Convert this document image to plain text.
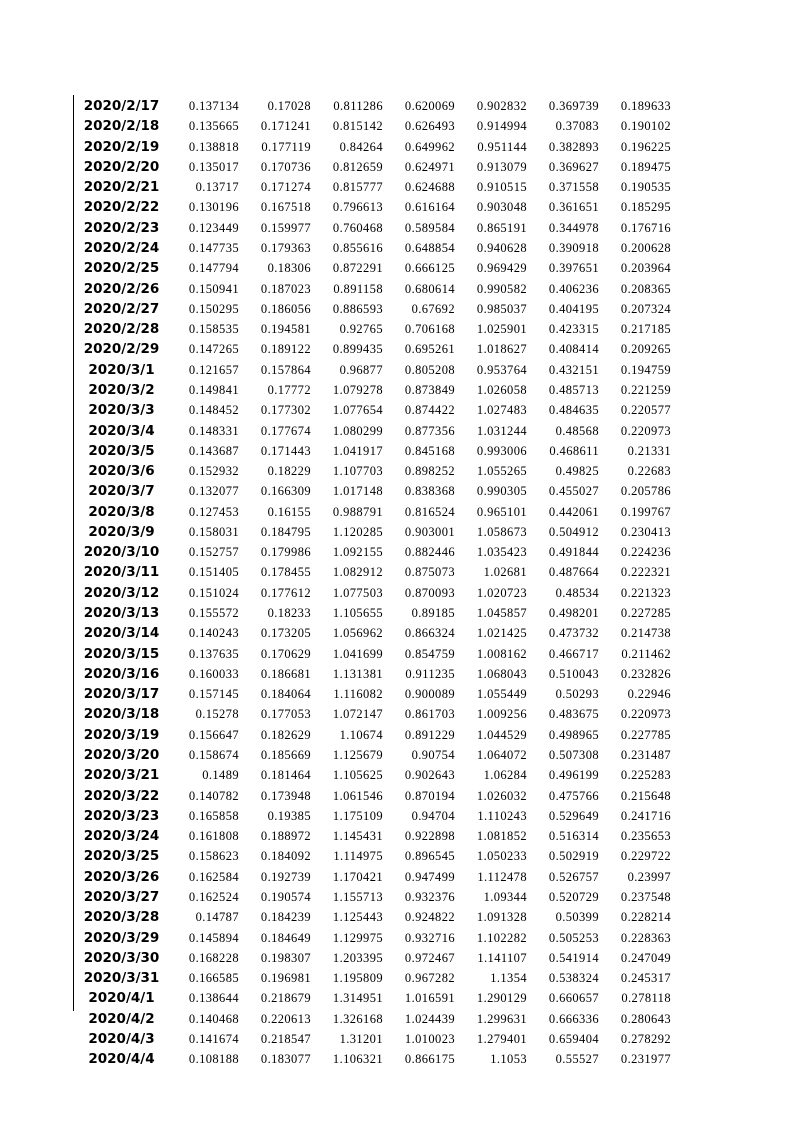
2020/2/17	0.137134	0.17028	0.811286	0.620069	0.902832	0.369739	0.189633
2020/2/18	0.135665	0.171241	0.815142	0.626493	0.914994	0.37083	0.190102
2020/2/19	0.138818	0.177119	0.84264	0.649962	0.951144	0.382893	0.196225
2020/2/20	0.135017	0.170736	0.812659	0.624971	0.913079	0.369627	0.189475
2020/2/21	0.13717	0.171274	0.815777	0.624688	0.910515	0.371558	0.190535
2020/2/22	0.130196	0.167518	0.796613	0.616164	0.903048	0.361651	0.185295
2020/2/23	0.123449	0.159977	0.760468	0.589584	0.865191	0.344978	0.176716
2020/2/24	0.147735	0.179363	0.855616	0.648854	0.940628	0.390918	0.200628
2020/2/25	0.147794	0.18306	0.872291	0.666125	0.969429	0.397651	0.203964
2020/2/26	0.150941	0.187023	0.891158	0.680614	0.990582	0.406236	0.208365
2020/2/27	0.150295	0.186056	0.886593	0.67692	0.985037	0.404195	0.207324
2020/2/28	0.158535	0.194581	0.92765	0.706168	1.025901	0.423315	0.217185
2020/2/29	0.147265	0.189122	0.899435	0.695261	1.018627	0.408414	0.209265
2020/3/1	0.121657	0.157864	0.96877	0.805208	0.953764	0.432151	0.194759
2020/3/2	0.149841	0.17772	1.079278	0.873849	1.026058	0.485713	0.221259
2020/3/3	0.148452	0.177302	1.077654	0.874422	1.027483	0.484635	0.220577
2020/3/4	0.148331	0.177674	1.080299	0.877356	1.031244	0.48568	0.220973
2020/3/5	0.143687	0.171443	1.041917	0.845168	0.993006	0.468611	0.21331
2020/3/6	0.152932	0.18229	1.107703	0.898252	1.055265	0.49825	0.22683
2020/3/7	0.132077	0.166309	1.017148	0.838368	0.990305	0.455027	0.205786
2020/3/8	0.127453	0.16155	0.988791	0.816524	0.965101	0.442061	0.199767
2020/3/9	0.158031	0.184795	1.120285	0.903001	1.058673	0.504912	0.230413
2020/3/10	0.152757	0.179986	1.092155	0.882446	1.035423	0.491844	0.224236
2020/3/11	0.151405	0.178455	1.082912	0.875073	1.02681	0.487664	0.222321
2020/3/12	0.151024	0.177612	1.077503	0.870093	1.020723	0.48534	0.221323
2020/3/13	0.155572	0.18233	1.105655	0.89185	1.045857	0.498201	0.227285
2020/3/14	0.140243	0.173205	1.056962	0.866324	1.021425	0.473732	0.214738
2020/3/15	0.137635	0.170629	1.041699	0.854759	1.008162	0.466717	0.211462
2020/3/16	0.160033	0.186681	1.131381	0.911235	1.068043	0.510043	0.232826
2020/3/17	0.157145	0.184064	1.116082	0.900089	1.055449	0.50293	0.22946
2020/3/18	0.15278	0.177053	1.072147	0.861703	1.009256	0.483675	0.220973
2020/3/19	0.156647	0.182629	1.10674	0.891229	1.044529	0.498965	0.227785
2020/3/20	0.158674	0.185669	1.125679	0.90754	1.064072	0.507308	0.231487
2020/3/21	0.1489	0.181464	1.105625	0.902643	1.06284	0.496199	0.225283
2020/3/22	0.140782	0.173948	1.061546	0.870194	1.026032	0.475766	0.215648
2020/3/23	0.165858	0.19385	1.175109	0.94704	1.110243	0.529649	0.241716
2020/3/24	0.161808	0.188972	1.145431	0.922898	1.081852	0.516314	0.235653
2020/3/25	0.158623	0.184092	1.114975	0.896545	1.050233	0.502919	0.229722
2020/3/26	0.162584	0.192739	1.170421	0.947499	1.112478	0.526757	0.23997
2020/3/27	0.162524	0.190574	1.155713	0.932376	1.09344	0.520729	0.237548
2020/3/28	0.14787	0.184239	1.125443	0.924822	1.091328	0.50399	0.228214
2020/3/29	0.145894	0.184649	1.129975	0.932716	1.102282	0.505253	0.228363
2020/3/30	0.168228	0.198307	1.203395	0.972467	1.141107	0.541914	0.247049
2020/3/31	0.166585	0.196981	1.195809	0.967282	1.1354	0.538324	0.245317
2020/4/1	0.138644	0.218679	1.314951	1.016591	1.290129	0.660657	0.278118
2020/4/2	0.140468	0.220613	1.326168	1.024439	1.299631	0.666336	0.280643
2020/4/3	0.141674	0.218547	1.31201	1.010023	1.279401	0.659404	0.278292
2020/4/4	0.108188	0.183077	1.106321	0.866175	1.1053	0.55527	0.231977
